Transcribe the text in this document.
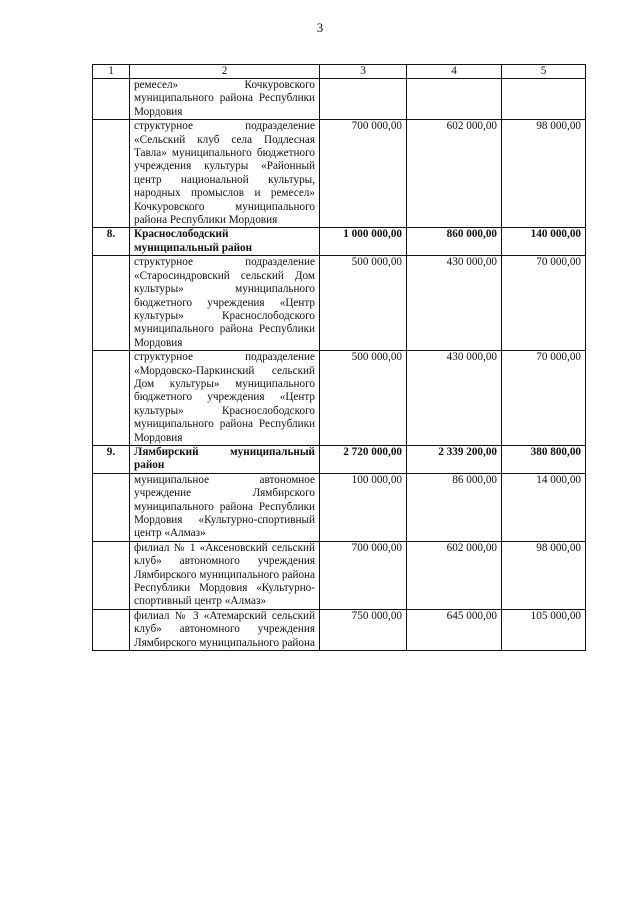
3
1	2	3	4	5
	ремесел» Кочкуровского муниципального района Республики Мордовия			
	структурное подразделение «Сельский клуб села Подлесная Тавла» муниципального бюджетного учреждения культуры «Районный центр национальной культуры, народных промыслов и ремесел» Кочкуровского муниципального района Республики Мордовия	700 000,00	602 000,00	98 000,00
8.	Краснослободский муниципальный район	1 000 000,00	860 000,00	140 000,00
	структурное подразделение «Старосиндровский сельский Дом культуры» муниципального бюджетного учреждения «Центр культуры» Краснослободского муниципального района Республики Мордовия	500 000,00	430 000,00	70 000,00
	структурное подразделение «Мордовско-Паркинский сельский Дом культуры» муниципального бюджетного учреждения «Центр культуры» Краснослободского муниципального района Республики Мордовия	500 000,00	430 000,00	70 000,00
9.	Лямбирский муниципальный район	2 720 000,00	2 339 200,00	380 800,00
	муниципальное автономное учреждение Лямбирского муниципального района Республики Мордовия «Культурно-спортивный центр «Алмаз»	100 000,00	86 000,00	14 000,00
	филиал № 1 «Аксеновский сельский клуб» автономного учреждения Лямбирского муниципального района Республики Мордовия «Культурно-спортивный центр «Алмаз»	700 000,00	602 000,00	98 000,00
	филиал № 3 «Атемарский сельский клуб» автономного учреждения Лямбирского муниципального района	750 000,00	645 000,00	105 000,00
